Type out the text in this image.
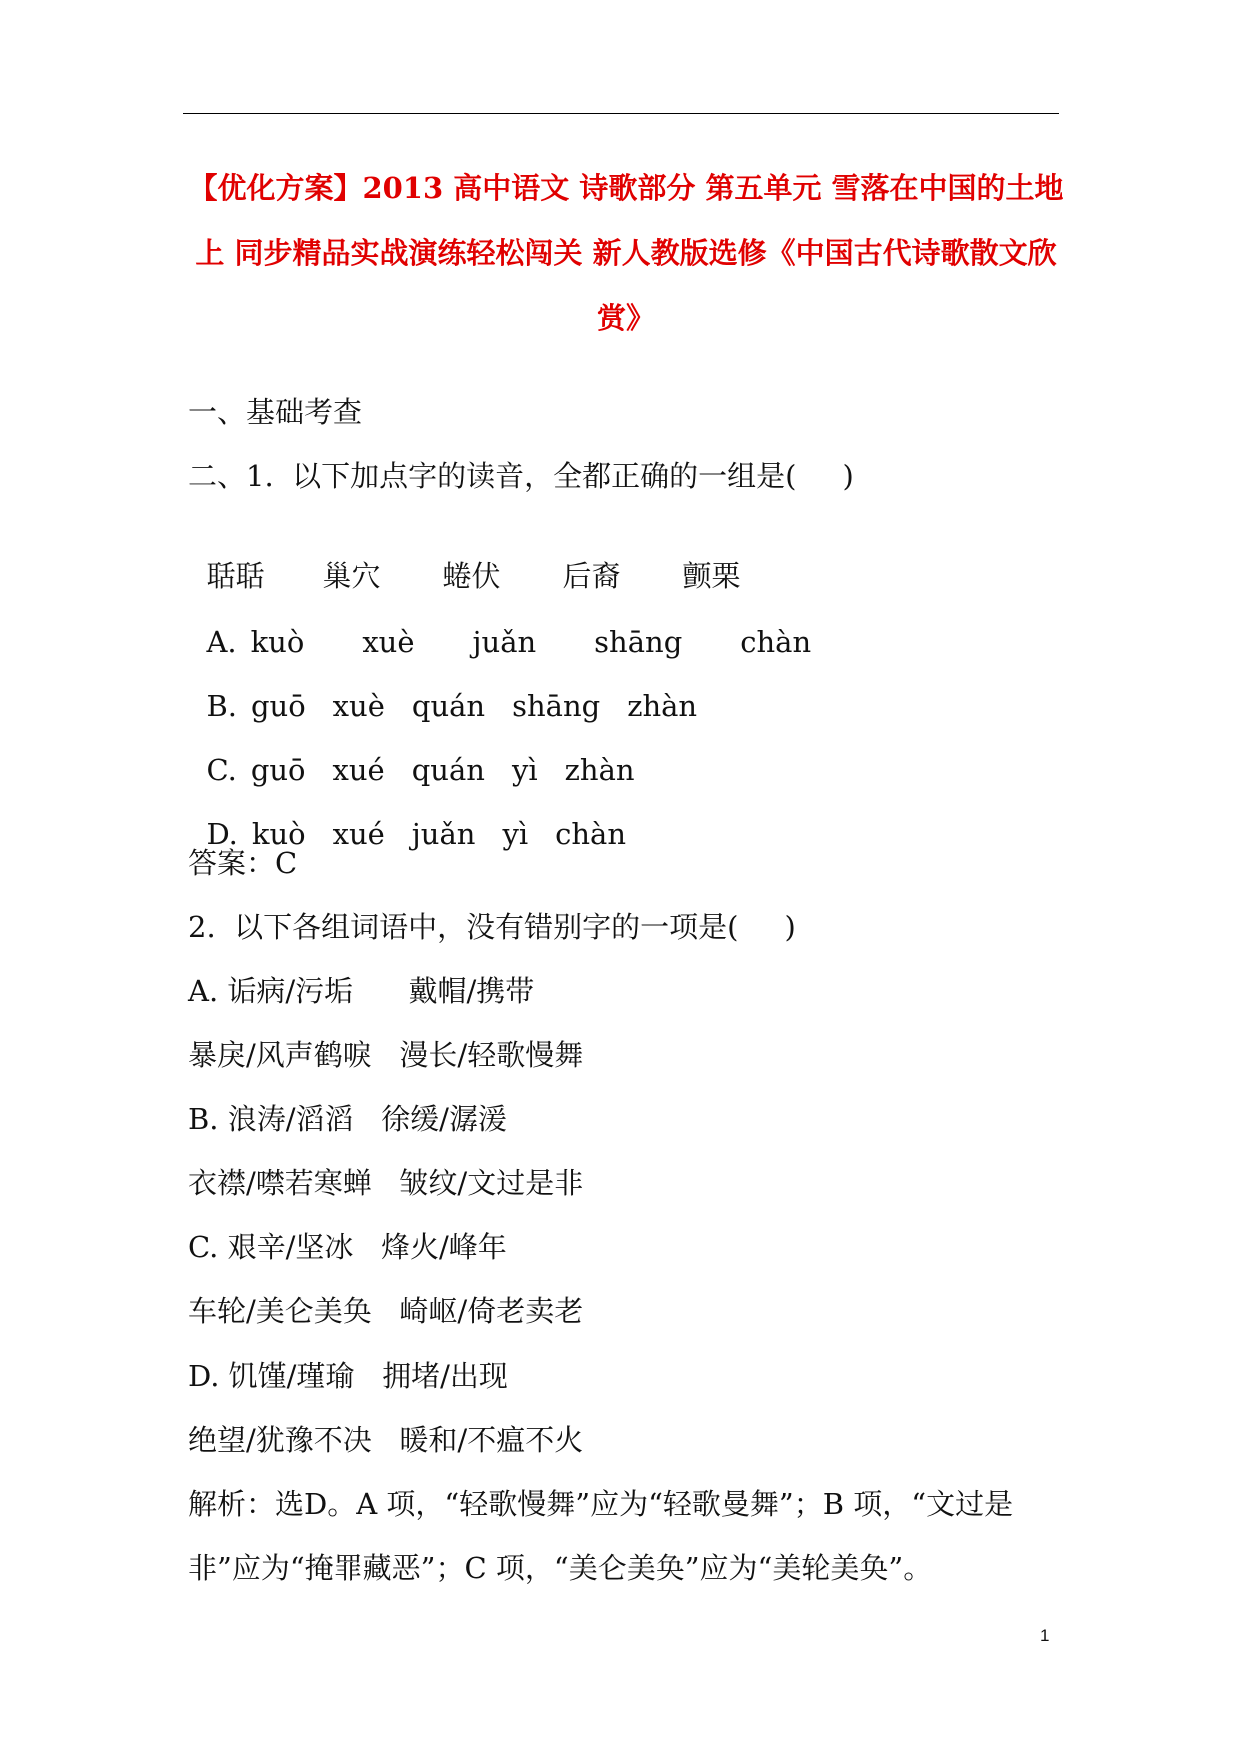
【优化方案】2013 高中语文 诗歌部分 第五单元 雪落在中国的土地上 同步精品实战演练轻松闯关 新人教版选修《中国古代诗歌散文欣赏》
一、基础考查
二、1.  以下加点字的读音，全都正确的一组是(     )

聒聒 巢穴 蜷伏 后裔 颤栗

A. kuò xuè juǎn shāng chàn

B. guō xuè quán shāng zhàn

C. guō xué quán yì zhàn

D. kuò xué juǎn yì chàn

答案：C
2.  以下各组词语中，没有错别字的一项是(     )
A. 诟病/污垢      戴帽/携带
暴戾/风声鹤唳   漫长/轻歌慢舞
B. 浪涛/滔滔   徐缓/潺湲
衣襟/噤若寒蝉   皱纹/文过是非
C. 艰辛/坚冰   烽火/峰年
车轮/美仑美奂   崎岖/倚老卖老
D. 饥馑/瑾瑜   拥堵/出现
绝望/犹豫不决   暖和/不瘟不火
解析：选D。A 项，“轻歌慢舞”应为“轻歌曼舞”；B 项，“文过是
非”应为“掩罪藏恶”；C 项，“美仑美奂”应为“美轮美奂”。
1
